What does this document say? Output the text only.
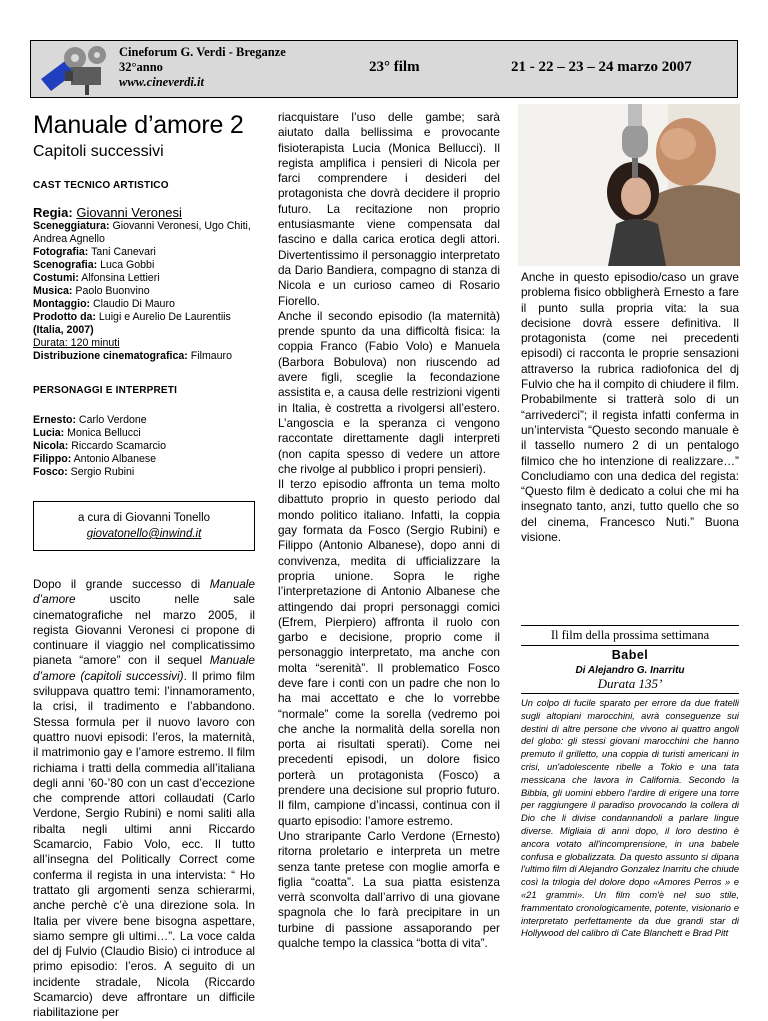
Cineforum G. Verdi - Breganze
32°anno
www.cineverdi.it
23° film	21 - 22 – 23 – 24 marzo 2007
Manuale d’amore 2
Capitoli successivi
CAST TECNICO ARTISTICO
Regia: Giovanni Veronesi
Sceneggiatura: Giovanni Veronesi, Ugo Chiti, Andrea Agnello
Fotografia: Tani Canevari
Scenografia: Luca Gobbi
Costumi: Alfonsina Lettieri
Musica: Paolo Buonvino
Montaggio: Claudio Di Mauro
Prodotto da: Luigi e Aurelio De Laurentiis
(Italia, 2007)
Durata: 120 minuti
Distribuzione cinematografica: Filmauro
PERSONAGGI E INTERPRETI
Ernesto: Carlo Verdone
Lucia: Monica Bellucci
Nicola: Riccardo Scamarcio
Filippo: Antonio Albanese
Fosco: Sergio Rubini
a cura di Giovanni Tonello
giovatonello@inwind.it
Dopo il grande successo di Manuale d’amore uscito nelle sale cinematografiche nel marzo 2005, il regista Giovanni Veronesi ci propone di continuare il viaggio nel complicatissimo pianeta “amore” con il sequel Manuale d’amore (capitoli successivi). Il primo film sviluppava quattro temi: l’innamoramento, la crisi, il tradimento e l’abbandono. Stessa formula per il nuovo lavoro con quattro nuovi episodi: l’eros, la maternità, il matrimonio gay e l’amore estremo. Il film richiama i tratti della commedia all’italiana degli anni ’60-’80 con un cast d’eccezione che comprende attori collaudati (Carlo Verdone, Sergio Rubini) e nomi saliti alla ribalta negli ultimi anni Riccardo Scamarcio, Fabio Volo, ecc. Il tutto all’insegna del Politically Correct come conferma il regista in una intervista: “ Ho trattato gli argomenti senza schierarmi, anche perchè c’è una direzione sola. In Italia per vivere bene bisogna aspettare, siamo sempre gli ultimi…”. La voce calda del dj Fulvio (Claudio Bisio) ci introduce al primo episodio: l’eros. A seguito di un incidente stradale, Nicola (Riccardo Scamarcio) deve affrontare un difficile riabilitazione per
riacquistare l’uso delle gambe; sarà aiutato dalla bellissima e provocante fisioterapista Lucia (Monica Bellucci). Il regista amplifica i pensieri di Nicola per farci comprendere i desideri del protagonista che dovrà decidere il proprio futuro. La recitazione non proprio entusiasmante viene compensata dal fascino e dalla carica erotica degli attori. Divertentissimo il personaggio interpretato da Dario Bandiera, compagno di stanza di Nicola e un curioso cameo di Rosario Fiorello.
Anche il secondo episodio (la maternità) prende spunto da una difficoltà fisica: la coppia Franco (Fabio Volo) e Manuela (Barbora Bobulova) non riuscendo ad avere figli, sceglie la fecondazione assistita e, a causa delle restrizioni vigenti in Italia, è costretta a rivolgersi all’estero. L’angoscia e la speranza ci vengono raccontate direttamente dagli interpreti (non capita spesso di vedere un attore che rivolge al pubblico i propri pensieri).
Il terzo episodio affronta un tema molto dibattuto proprio in questo periodo dal mondo politico italiano. Infatti, la coppia gay formata da Fosco (Sergio Rubini) e Filippo (Antonio Albanese), dopo anni di convivenza, medita di ufficializzare la propria unione. Sopra le righe l’interpretazione di Antonio Albanese che attingendo dai propri personaggi comici (Efrem, Pierpiero) affronta il ruolo con garbo e decisione, proprio come il personaggio interpretato, ma anche con molta “serenità”. Il problematico Fosco deve fare i conti con un padre che non lo ha mai accettato e che lo vorrebbe “normale” come la sorella (vedremo poi che anche la normalità della sorella non porta ai risultati sperati). Come nei precedenti episodi, un dolore fisico porterà un protagonista (Fosco) a prendere una decisione sul proprio futuro. Il film, campione d’incassi, continua con il quarto episodio: l’amore estremo.
Uno straripante Carlo Verdone (Ernesto) ritorna proletario e interpreta un metre senza tante pretese con moglie amorfa e figlia “coatta”. La sua piatta esistenza verrà sconvolta dall’arrivo di una giovane spagnola che lo farà precipitare in un turbine di passione assaporando per qualche tempo la classica “botta di vita”.
Anche in questo episodio/caso un grave problema fisico obbligherà Ernesto a fare il punto sulla propria vita: la sua decisione dovrà essere definitiva. Il protagonista (come nei precedenti episodi) ci racconta le proprie sensazioni attraverso la rubrica radiofonica del dj Fulvio che ha il compito di chiudere il film. Probabilmente si tratterà solo di un “arrivederci”; il regista infatti conferma in un’intervista “Questo secondo manuale è il tassello numero 2 di un pentalogo filmico che ho intenzione di realizzare…” Concludiamo con una dedica del regista: “Questo film è dedicato a colui che mi ha insegnato tanto, anzi, tutto quello che so del cinema, Francesco Nuti.” Buona visione.
Il film della prossima settimana
Babel
Di Alejandro G. Inarritu
Durata 135’
Un colpo di fucile sparato per errore da due fratelli sugli altopiani marocchini, avrà conseguenze sui destini di altre persone che vivono ai quattro angoli del globo: gli stessi giovani marocchini che hanno premuto il grilletto, una coppia di turisti americani in crisi, un'adolescente ribelle a Tokio e una tata messicana che lavora in California. Secondo la Bibbia, gli uomini ebbero l'ardire di erigere una torre per raggiungere il paradiso provocando la collera di Dio che li divise condannandoli a parlare lingue diverse. Migliaia di anni dopo, il loro destino è ancora votato all'incomprensione, in una babele confusa e globalizzata. Da questo assunto si dipana l'ultimo film di Alejandro Gonzalez Inarritu che chiude così la trilogia del dolore dopo «Amores Perros » e «21 grammi». Un film com'è nel suo stile, frammentato cronologicamente, potente, visionario e interpretato perfettamente da due grandi star di Hollywood del calibro di Cate Blanchett e Brad Pitt
